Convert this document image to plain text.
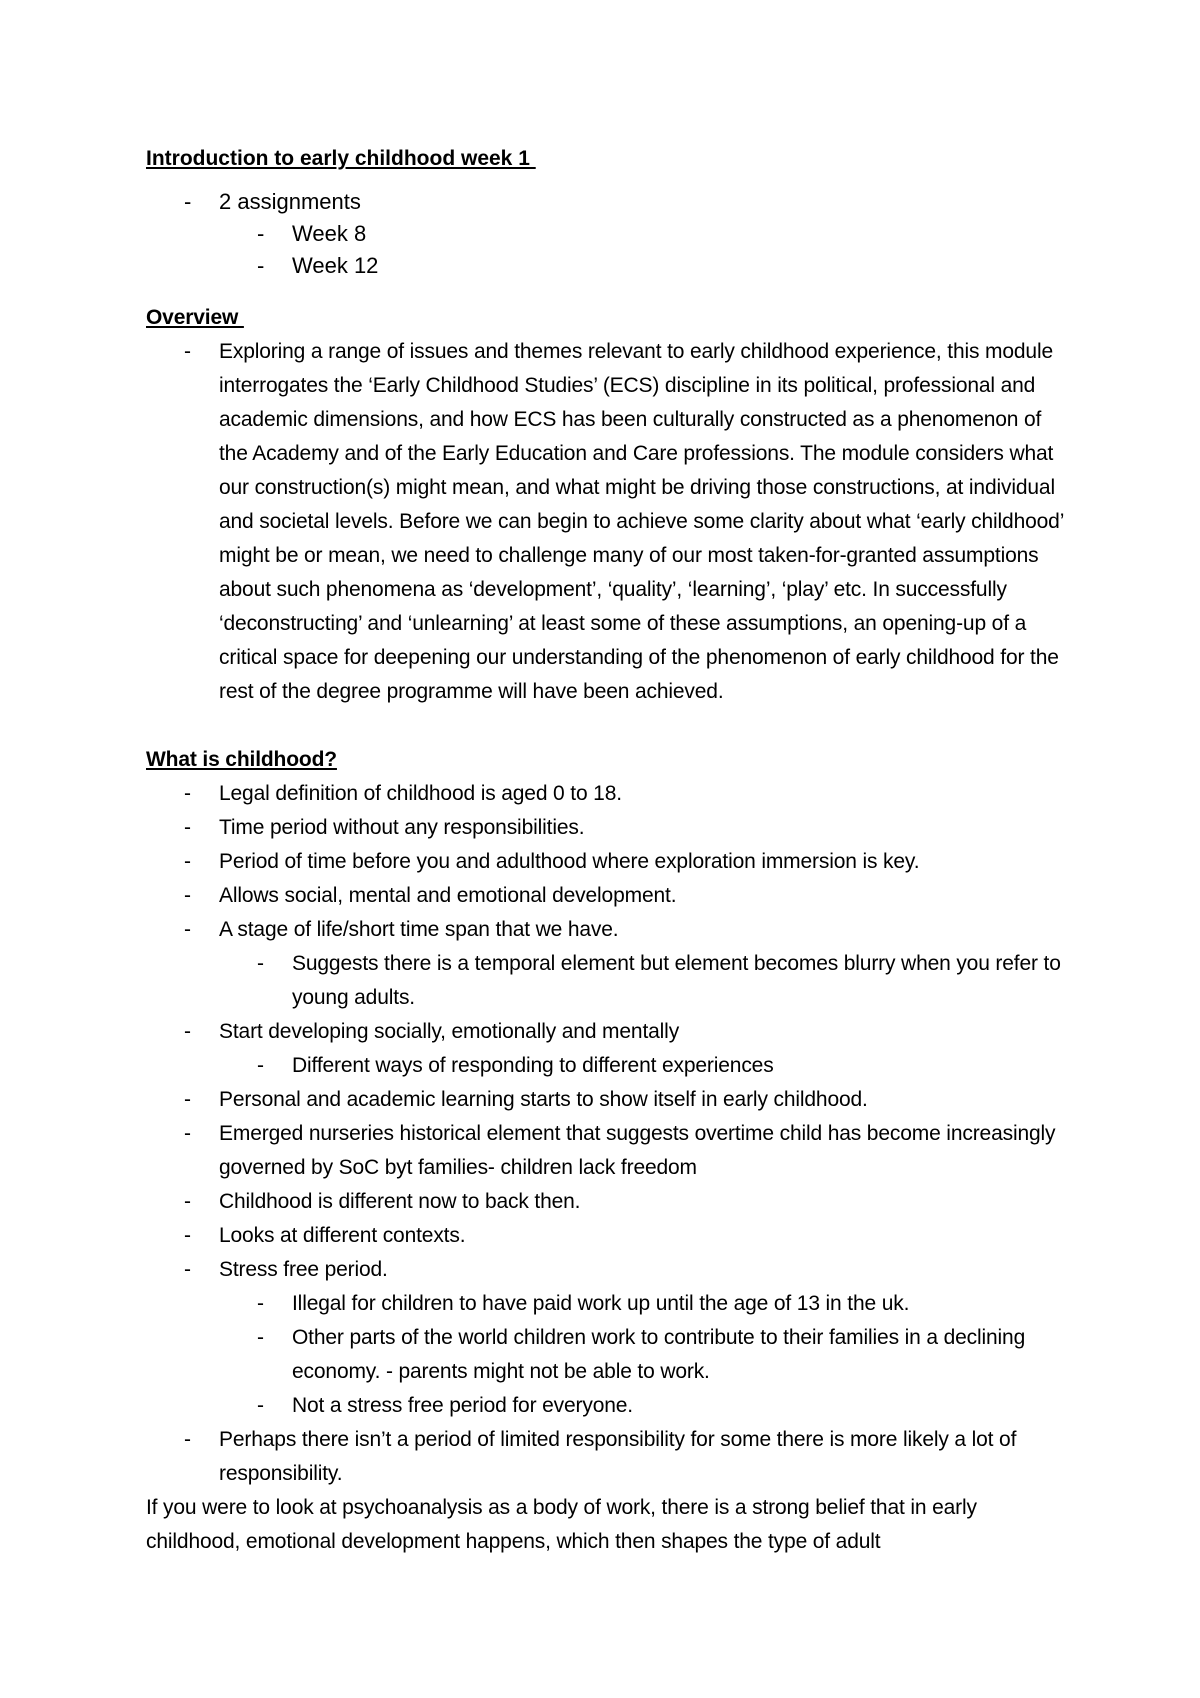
Introduction to early childhood week 1
- 2 assignments
- Week 8
- Week 12
Overview
- Exploring a range of issues and themes relevant to early childhood experience, this module interrogates the ‘Early Childhood Studies’ (ECS) discipline in its political, professional and academic dimensions, and how ECS has been culturally constructed as a phenomenon of the Academy and of the Early Education and Care professions. The module considers what our construction(s) might mean, and what might be driving those constructions, at individual and societal levels. Before we can begin to achieve some clarity about what ‘early childhood’ might be or mean, we need to challenge many of our most taken-for-granted assumptions about such phenomena as ‘development’, ‘quality’, ‘learning’, ‘play’ etc. In successfully ‘deconstructing’ and ‘unlearning’ at least some of these assumptions, an opening-up of a critical space for deepening our understanding of the phenomenon of early childhood for the rest of the degree programme will have been achieved.
What is childhood?
- Legal definition of childhood is aged 0 to 18.
- Time period without any responsibilities.
- Period of time before you and adulthood where exploration immersion is key.
- Allows social, mental and emotional development.
- A stage of life/short time span that we have.
- Suggests there is a temporal element but element becomes blurry when you refer to young adults.
- Start developing socially, emotionally and mentally
- Different ways of responding to different experiences
- Personal and academic learning starts to show itself in early childhood.
- Emerged nurseries historical element that suggests overtime child has become increasingly governed by SoC byt families- children lack freedom
- Childhood is different now to back then.
- Looks at different contexts.
- Stress free period.
- Illegal for children to have paid work up until the age of 13 in the uk.
- Other parts of the world children work to contribute to their families in a declining economy. - parents might not be able to work.
- Not a stress free period for everyone.
- Perhaps there isn’t a period of limited responsibility for some there is more likely a lot of responsibility.
If you were to look at psychoanalysis as a body of work, there is a strong belief that in early childhood, emotional development happens, which then shapes the type of adult
